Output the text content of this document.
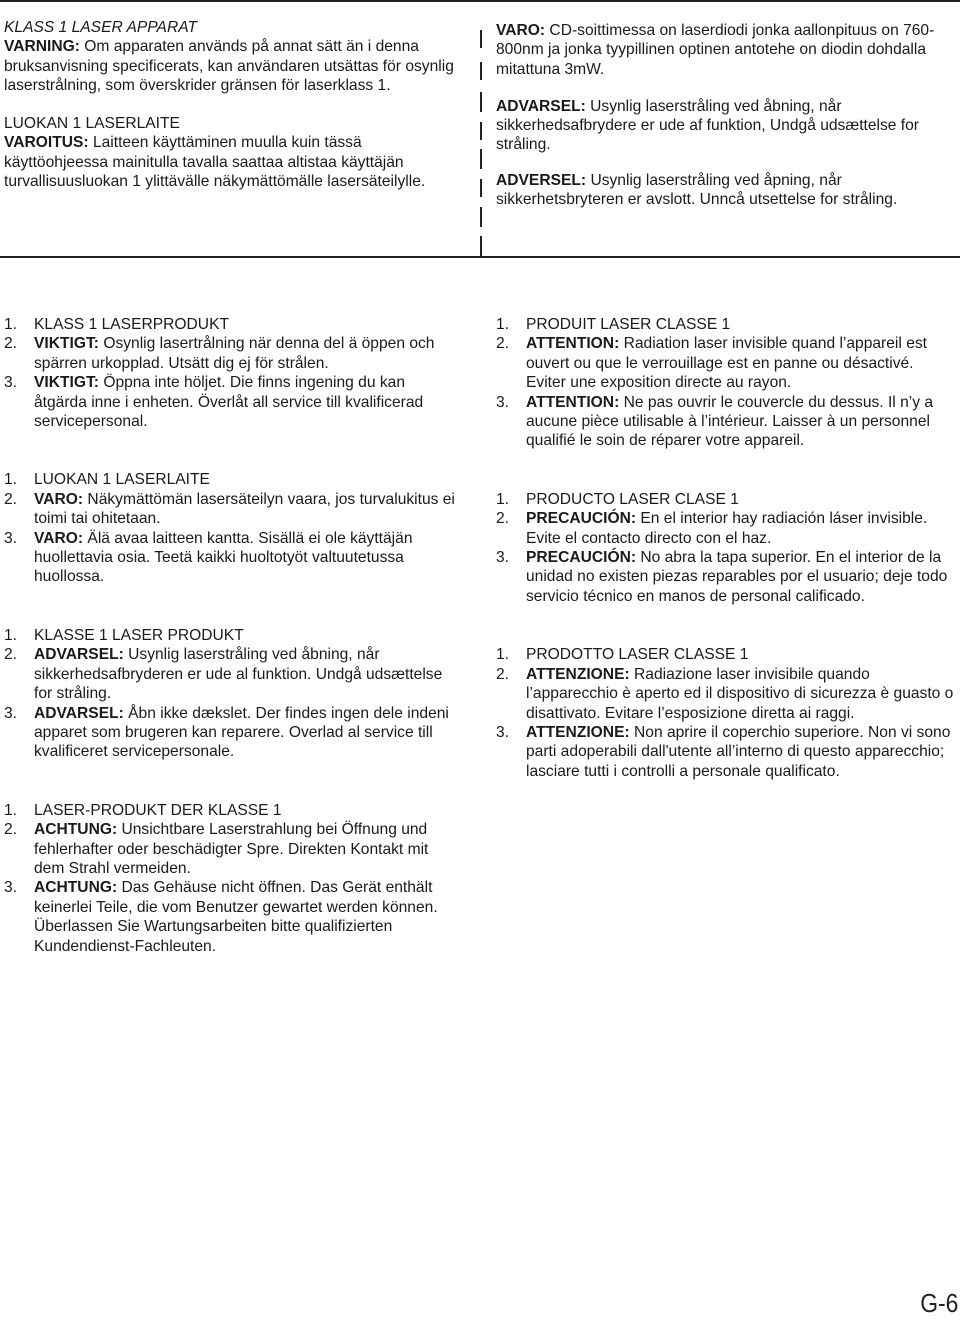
KLASS 1 LASER APPARAT

VARNING: Om apparaten används på annat sätt än i denna bruksanvisning specificerats, kan användaren utsättas för osynlig laserstrålning, som överskrider gränsen för laserklass 1.

LUOKAN 1 LASERLAITE

VAROITUS: Laitteen käyttäminen muulla kuin tässä käyttöohjeessa mainitulla tavalla saattaa altistaa käyttäjän turvallisuusluokan 1 ylittävälle näkymättömälle lasersäteilylle.

VARO: CD-soittimessa on laserdiodi jonka aallonpituus on 760-800nm ja jonka tyypillinen optinen antotehe on diodin dohdalla mitattuna 3mW.

ADVARSEL: Usynlig laserstråling ved åbning, når sikkerhedsafbrydere er ude af funktion, Undgå udsættelse for stråling.

ADVERSEL: Usynlig laserstråling ved åpning, når sikkerhetsbryteren er avslott. Unncå utsettelse for stråling.

1.	KLASS 1 LASERPRODUKT
2.	VIKTIGT: Osynlig lasertrålning när denna del ä öppen och spärren urkopplad. Utsätt dig ej för strålen.
3.	VIKTIGT: Öppna inte höljet. Die finns ingening du kan åtgärda inne i enheten. Överlåt all service till kvalificerad servicepersonal.
1.	LUOKAN 1 LASERLAITE
2.	VARO: Näkymättömän lasersäteilyn vaara, jos turvalukitus ei toimi tai ohitetaan.
3.	VARO: Älä avaa laitteen kantta. Sisällä ei ole käyttäjän huollettavia osia. Teetä kaikki huoltotyöt valtuutetussa huollossa.
1.	KLASSE 1 LASER PRODUKT
2.	ADVARSEL: Usynlig laserstråling ved åbning, når sikkerhedsafbryderen er ude al funktion. Undgå udsættelse for stråling.
3.	ADVARSEL: Åbn ikke dækslet. Der findes ingen dele indeni apparet som brugeren kan reparere. Overlad al service till kvalificeret servicepersonale.
1.	LASER-PRODUKT DER KLASSE 1
2.	ACHTUNG: Unsichtbare Laserstrahlung bei Öffnung und fehlerhafter oder beschädigter Spre. Direkten Kontakt mit dem Strahl vermeiden.
3.	ACHTUNG: Das Gehäuse nicht öffnen. Das Gerät enthält keinerlei Teile, die vom Benutzer gewartet werden können. Überlassen Sie Wartungsarbeiten bitte qualifizierten Kundendienst-Fachleuten.
1.	PRODUIT LASER CLASSE 1
2.	ATTENTION: Radiation laser invisible quand l’appareil est ouvert ou que le verrouillage est en panne ou désactivé. Eviter une exposition directe au rayon.
3.	ATTENTION: Ne pas ouvrir le couvercle du dessus. Il n’y a aucune pièce utilisable à l’intérieur. Laisser à un personnel qualifié le soin de réparer votre appareil.
1.	PRODUCTO LASER CLASE 1
2.	PRECAUCIÓN: En el interior hay radiación láser invisible. Evite el contacto directo con el haz.
3.	PRECAUCIÓN: No abra la tapa superior. En el interior de la unidad no existen piezas reparables por el usuario; deje todo servicio técnico en manos de personal calificado.
1.	PRODOTTO LASER CLASSE 1
2.	ATTENZIONE: Radiazione laser invisibile quando l’apparecchio è aperto ed il dispositivo di sicurezza è guasto o disattivato. Evitare l’esposizione diretta ai raggi.
3.	ATTENZIONE: Non aprire il coperchio superiore. Non vi sono parti adoperabili dall'utente all’interno di questo apparecchio; lasciare tutti i controlli a personale qualificato.
G-6
